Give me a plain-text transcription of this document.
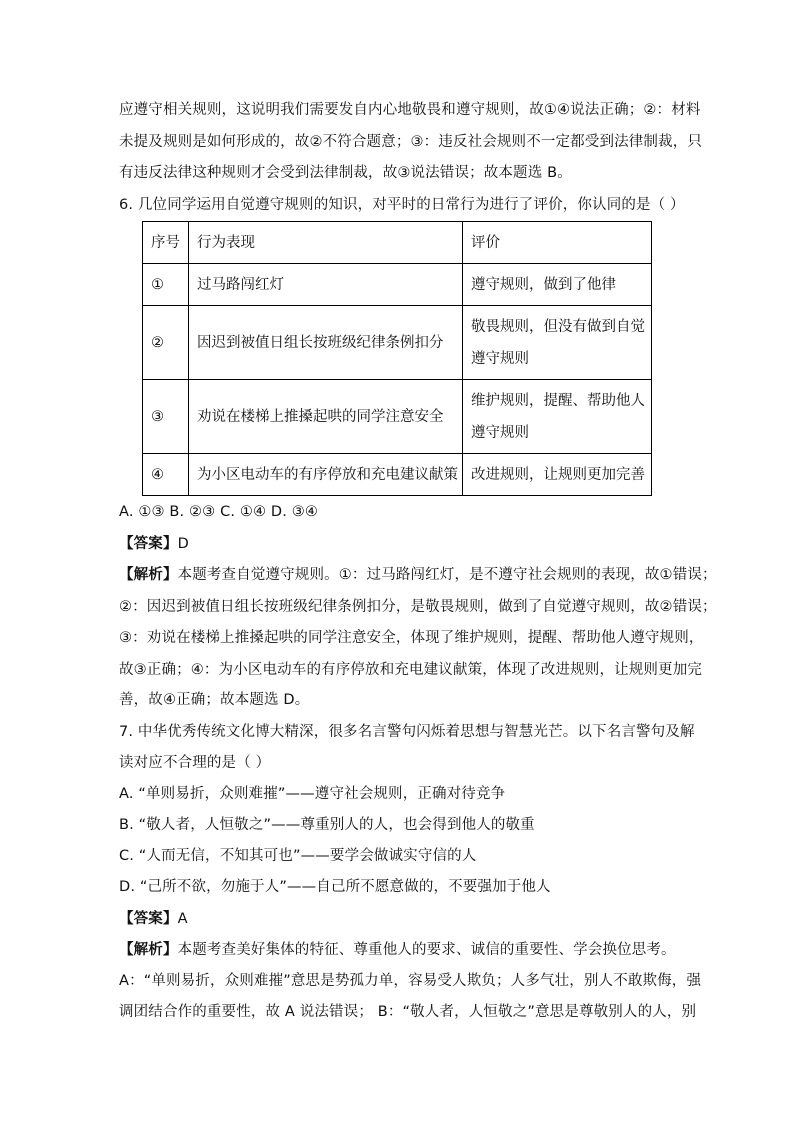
应遵守相关规则，这说明我们需要发自内心地敬畏和遵守规则，故①④说法正确；②：材料
未提及规则是如何形成的，故②不符合题意；③：违反社会规则不一定都受到法律制裁，只
有违反法律这种规则才会受到法律制裁，故③说法错误；故本题选 B。
6. 几位同学运用自觉遵守规则的知识，对平时的日常行为进行了评价，你认同的是（ ）
序号	行为表现	评价
①	过马路闯红灯	遵守规则，做到了他律
②	因迟到被值日组长按班级纪律条例扣分	敬畏规则，但没有做到自觉
遵守规则

③	劝说在楼梯上推搡起哄的同学注意安全	维护规则，提醒、帮助他人
遵守规则

④	为小区电动车的有序停放和充电建议献策	改进规则，让规则更加完善
A. ①③ B. ②③ C. ①④ D. ③④
【答案】D
【解析】本题考查自觉遵守规则。①：过马路闯红灯，是不遵守社会规则的表现，故①错误；
②：因迟到被值日组长按班级纪律条例扣分，是敬畏规则，做到了自觉遵守规则，故②错误；
③：劝说在楼梯上推搡起哄的同学注意安全，体现了维护规则，提醒、帮助他人遵守规则，
故③正确；④：为小区电动车的有序停放和充电建议献策，体现了改进规则，让规则更加完
善，故④正确；故本题选 D。
7. 中华优秀传统文化博大精深，很多名言警句闪烁着思想与智慧光芒。以下名言警句及解
读对应不合理的是（ ）
A. “单则易折，众则难摧”——遵守社会规则，正确对待竞争
B. “敬人者，人恒敬之”——尊重别人的人，也会得到他人的敬重
C. “人而无信，不知其可也”——要学会做诚实守信的人
D. “己所不欲，勿施于人”——自己所不愿意做的，不要强加于他人
【答案】A
【解析】本题考查美好集体的特征、尊重他人的要求、诚信的重要性、学会换位思考。
A：“单则易折，众则难摧”意思是势孤力单，容易受人欺负；人多气壮，别人不敢欺侮，强
调团结合作的重要性，故 A 说法错误； B：“敬人者，人恒敬之”意思是尊敬别人的人，别
